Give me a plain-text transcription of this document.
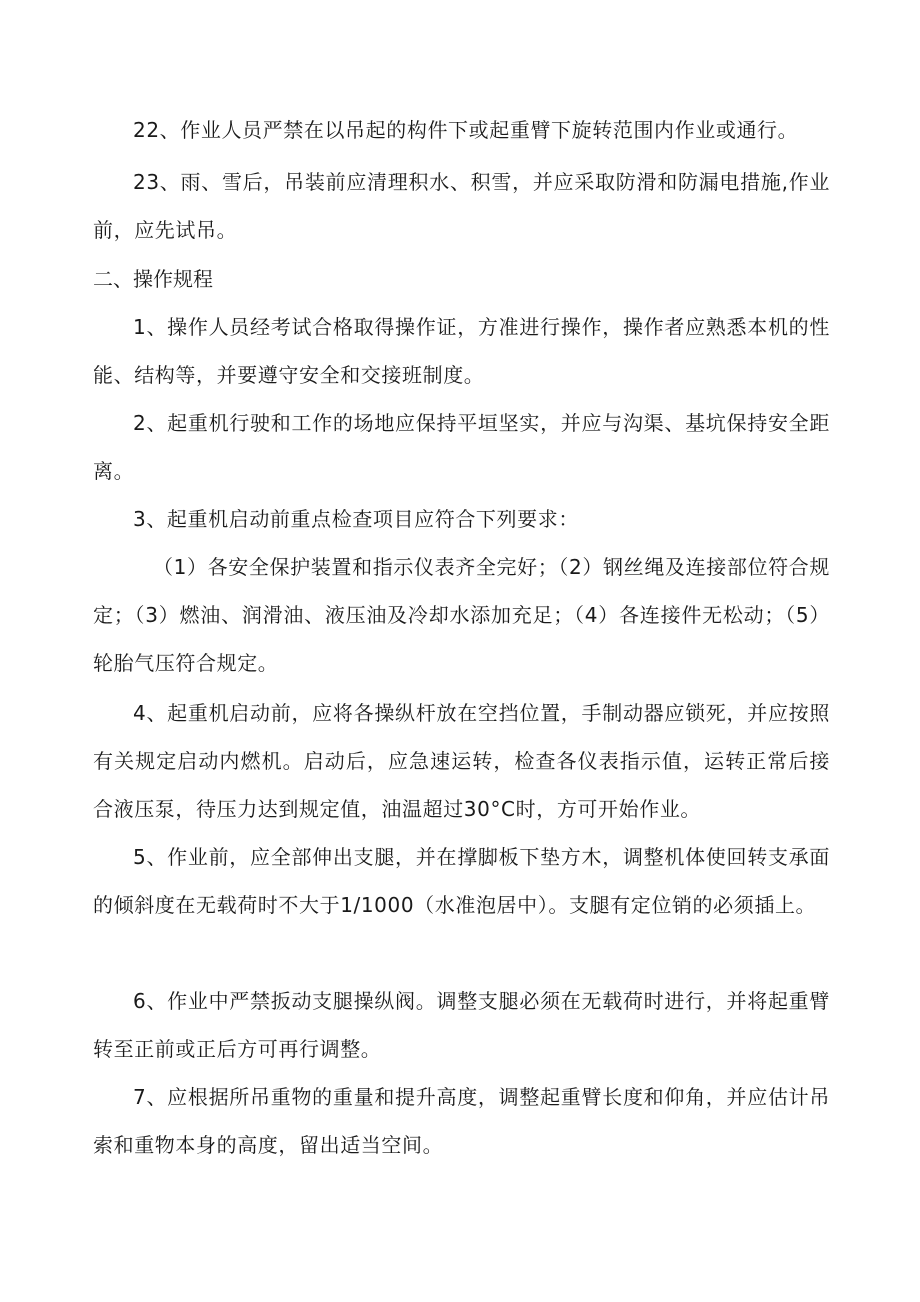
22、作业人员严禁在以吊起的构件下或起重臂下旋转范围内作业或通行。

23、雨、雪后，吊装前应清理积水、积雪，并应采取防滑和防漏电措施,作业前，应先试吊。

二、操作规程

1、操作人员经考试合格取得操作证，方准进行操作，操作者应熟悉本机的性能、结构等，并要遵守安全和交接班制度。

2、起重机行驶和工作的场地应保持平垣坚实，并应与沟渠、基坑保持安全距离。

3、起重机启动前重点检查项目应符合下列要求：

（1）各安全保护装置和指示仪表齐全完好；（2）钢丝绳及连接部位符合规定；（3）燃油、润滑油、液压油及冷却水添加充足；（4）各连接件无松动；（5）轮胎气压符合规定。

4、起重机启动前，应将各操纵杆放在空挡位置，手制动器应锁死，并应按照有关规定启动内燃机。启动后，应急速运转，检查各仪表指示值，运转正常后接合液压泵，待压力达到规定值，油温超过30°C时，方可开始作业。

5、作业前，应全部伸出支腿，并在撑脚板下垫方木，调整机体使回转支承面的倾斜度在无载荷时不大于1/1000（水准泡居中）。支腿有定位销的必须插上。

6、作业中严禁扳动支腿操纵阀。调整支腿必须在无载荷时进行，并将起重臂转至正前或正后方可再行调整。

7、应根据所吊重物的重量和提升高度，调整起重臂长度和仰角，并应估计吊索和重物本身的高度，留出适当空间。
